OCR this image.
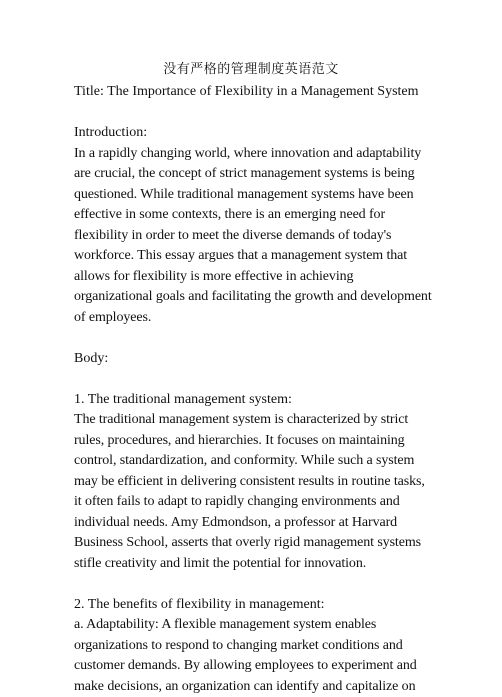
没有严格的管理制度英语范文

Title: The Importance of Flexibility in a Management System

Introduction:

In a rapidly changing world, where innovation and adaptability are crucial, the concept of strict management systems is being questioned. While traditional management systems have been effective in some contexts, there is an emerging need for flexibility in order to meet the diverse demands of today's workforce. This essay argues that a management system that allows for flexibility is more effective in achieving organizational goals and facilitating the growth and development of employees.

Body:

1. The traditional management system:

The traditional management system is characterized by strict rules, procedures, and hierarchies. It focuses on maintaining control, standardization, and conformity. While such a system may be efficient in delivering consistent results in routine tasks, it often fails to adapt to rapidly changing environments and individual needs. Amy Edmondson, a professor at Harvard Business School, asserts that overly rigid management systems stifle creativity and limit the potential for innovation.

2. The benefits of flexibility in management:

a. Adaptability: A flexible management system enables organizations to respond to changing market conditions and customer demands. By allowing employees to experiment and make decisions, an organization can identify and capitalize on
